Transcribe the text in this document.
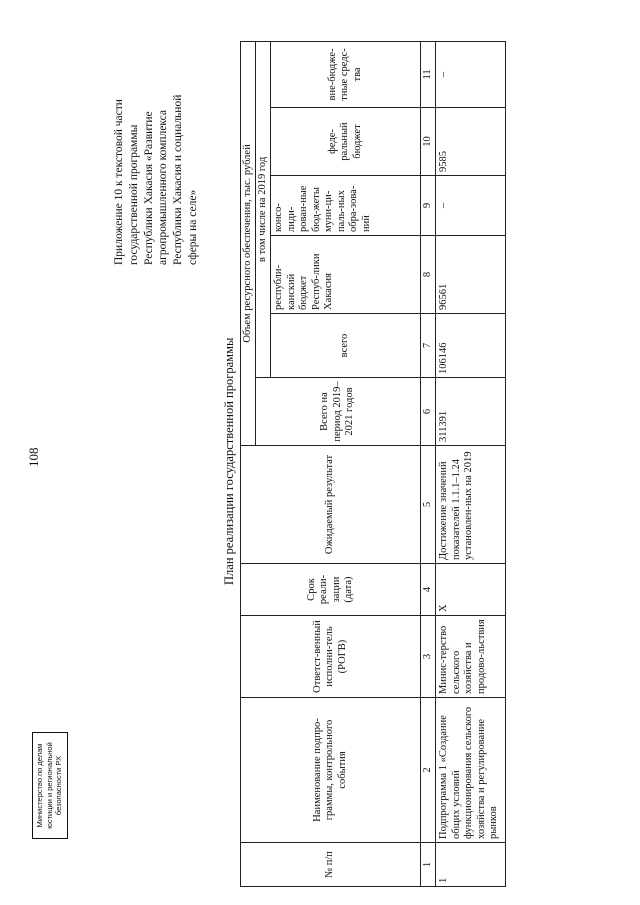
108
Приложение 10 к текстовой части государственной программы Республики Хакасия «Развитие агропромышленного комплекса Республики Хакасия и социальной сферы на селе»
План реализации государственной программы
№ п/п	Наименование подпро-граммы, контрольного события	Ответст-венный исполни-тель (РОГВ)	Срок реали-зации (дата)	Ожидаемый результат	Объем ресурсного обеспечения, тыс. рублей					
					Всего на период 2019–2021 годов	в том числе на 2019 год				
						всего	республи-канский бюджет Респуб-лики Хакасия	консо-лиди-рован-ные бюд-жеты муни-ци-паль-ных обра-зова-ний	феде-ральный бюджет	вне-бюдже-тные средс-тва
1	2	3	4	5	6	7	8	9	10	11
1	Подпрограмма 1 «Создание общих условий функционирования сельского хозяйства и регулирование рынков	Минис-терство сельского хозяйства и продово-льствия	X	Достижение значений показателей 1.1.1–1.24 установлен-ных на 2019	311391	106146	96561	–	9585	–
Министерство по делам юстиции и региональной безопасности РХ
